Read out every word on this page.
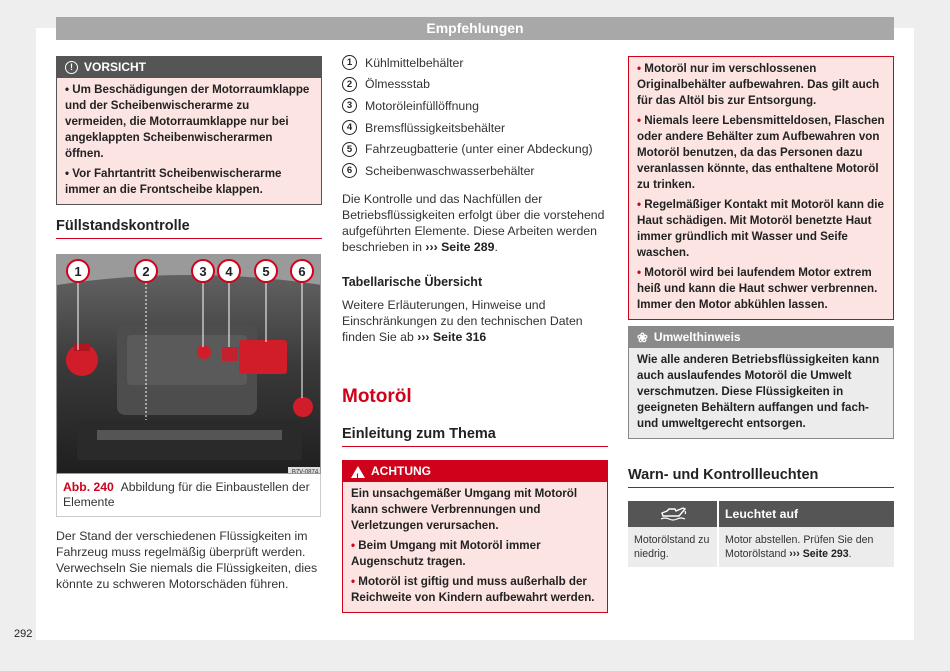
Empfehlungen
! VORSICHT

• Um Beschädigungen der Motorraumklappe und der Scheibenwischerarme zu vermeiden, die Motorraumklappe nur bei angeklappten Scheibenwischerarmen öffnen.

• Vor Fahrtantritt Scheibenwischerarme immer an die Frontscheibe klappen.

Füllstandskontrolle
1	2	3 4 5 6
B7V-0874
Abb. 240 Abbildung für die Einbaustellen der Elemente
Der Stand der verschiedenen Flüssigkeiten im Fahrzeug muss regelmäßig überprüft werden. Verwechseln Sie niemals die Flüssigkeiten, dies könnte zu schweren Motorschäden führen.
292
1	Kühlmittelbehälter
2	Ölmessstab
3	Motoröleinfüllöffnung
4	Bremsflüssigkeitsbehälter
5	Fahrzeugbatterie (unter einer Abdeckung)
6	Scheibenwaschwasserbehälter
Die Kontrolle und das Nachfüllen der Betriebsflüssigkeiten erfolgt über die vorstehend aufgeführten Elemente. Diese Arbeiten werden beschrieben in ››› Seite 289.
Tabellarische Übersicht
Weitere Erläuterungen, Hinweise und Einschränkungen zu den technischen Daten finden Sie ab ››› Seite 316
Motoröl
Einleitung zum Thema
!
ACHTUNG

Ein unsachgemäßer Umgang mit Motoröl kann schwere Verbrennungen und Verletzungen verursachen.

• Beim Umgang mit Motoröl immer Augenschutz tragen.

• Motoröl ist giftig und muss außerhalb der Reichweite von Kindern aufbewahrt werden.

• Motoröl nur im verschlossenen Originalbehälter aufbewahren. Das gilt auch für das Altöl bis zur Entsorgung.

• Niemals leere Lebensmitteldosen, Flaschen oder andere Behälter zum Aufbewahren von Motoröl benutzen, da das Personen dazu veranlassen könnte, das enthaltene Motoröl zu trinken.

• Regelmäßiger Kontakt mit Motoröl kann die Haut schädigen. Mit Motoröl benetzte Haut immer gründlich mit Wasser und Seife waschen.

• Motoröl wird bei laufendem Motor extrem heiß und kann die Haut schwer verbrennen. Immer den Motor abkühlen lassen.

❀ Umwelthinweis
Wie alle anderen Betriebsflüssigkeiten kann auch auslaufendes Motoröl die Umwelt verschmutzen. Diese Flüssigkeiten in geeigneten Behältern auffangen und fach- und umweltgerecht entsorgen.
Warn- und Kontrollleuchten
	Leuchtet auf
Motorölstand zu niedrig.	Motor abstellen. Prüfen Sie den Motorölstand ››› Seite 293.
